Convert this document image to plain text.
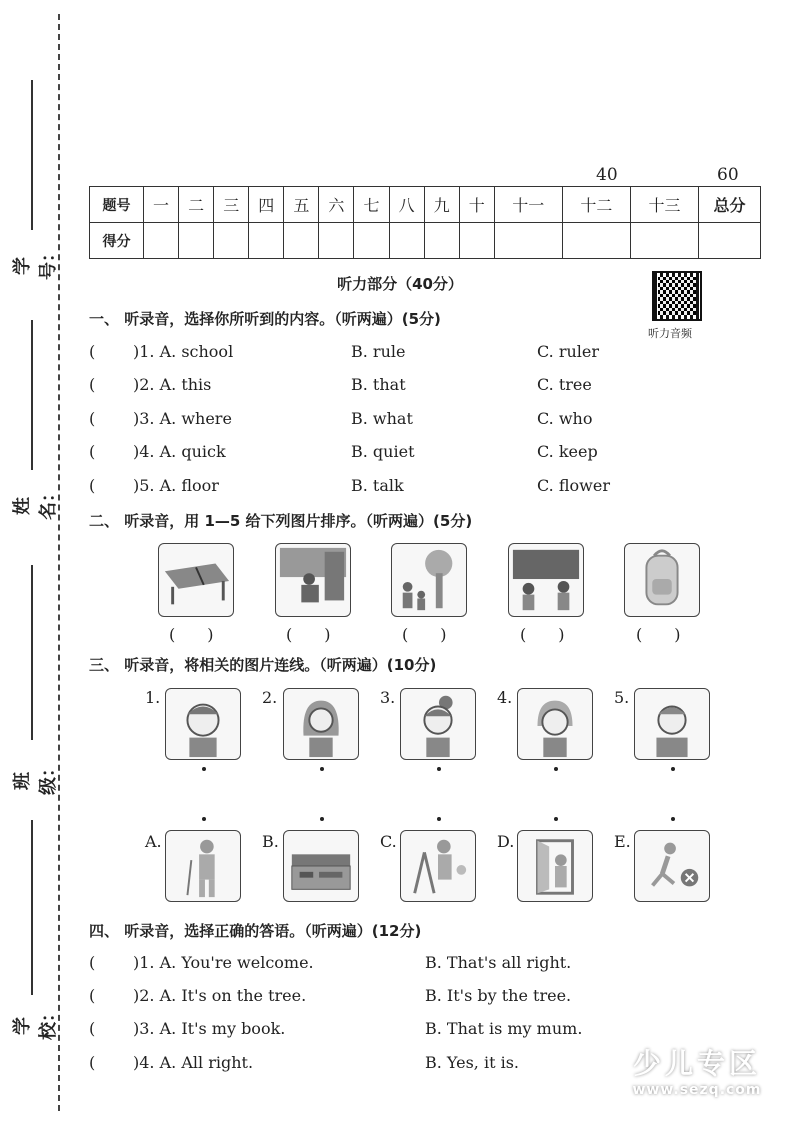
学号：
姓名：
班级：
学校：
40	60
题号	一	二	三	四	五	六	七	八	九	十	十一	十二	十三	总分
得分														
听力部分（40分）
听力音频
一、 听录音，选择你所听到的内容。（听两遍）(5分)
( )1. A. school	B. rule	C. ruler
( )2. A. this	B. that	C. tree
( )3. A. where	B. what	C. who
( )4. A. quick	B. quiet	C. keep
( )5. A. floor	B. talk	C. flower
二、 听录音，用 1—5 给下列图片排序。（听两遍）(5分)
(　　)	(　　)	(　　)	(　　)	(　　)
三、 听录音，将相关的图片连线。（听两遍）(10分)
1.	2.	3.	4.	5.
A.	B.	C.	D.	E.
四、 听录音，选择正确的答语。（听两遍）(12分)
( )1. A. You're welcome.	B. That's all right.
( )2. A. It's on the tree.	B. It's by the tree.
( )3. A. It's my book.	B. That is my mum.
( )4. A. All right.	B. Yes, it is.	少儿专区
www.sezq.com
